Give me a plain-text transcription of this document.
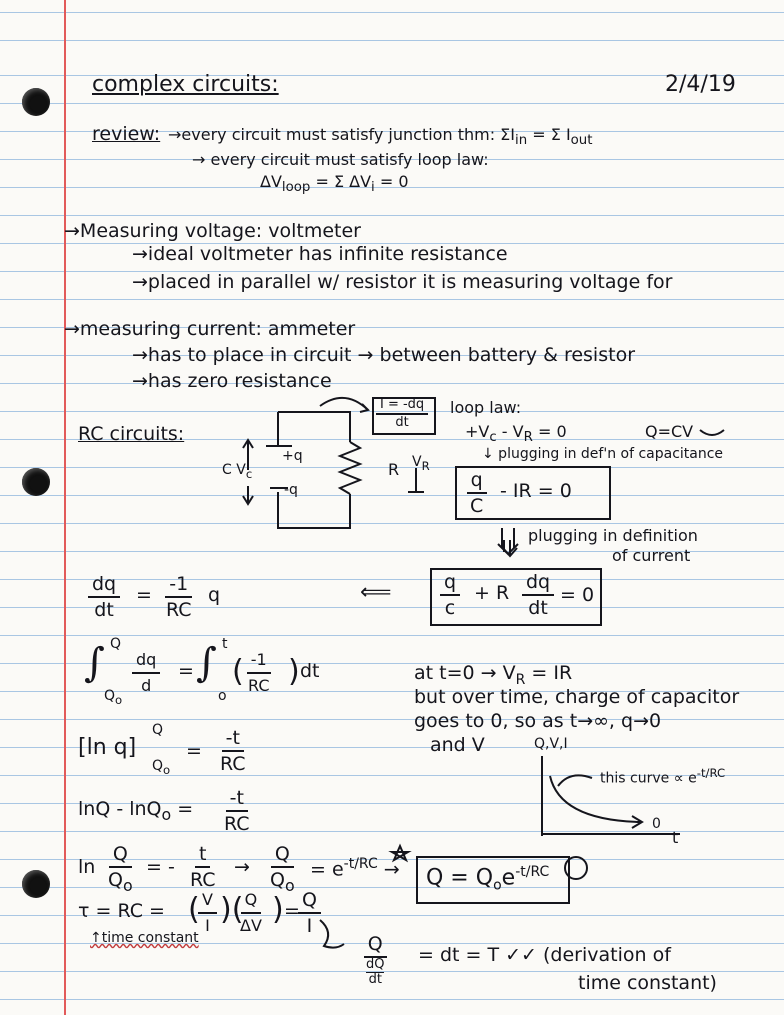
complex circuits:	2/4/19
review: →every circuit must satisfy junction thm: $\Sigma I_{in} = \Sigma$ $I_{out}$
→ every circuit must satisfy loop law:
$\Delta V_{loop} = \Sigma$ $\Delta V_i = 0$
→Measuring voltage: voltmeter
→ideal voltmeter has infinite resistance
→placed in parallel w/ resistor it is measuring voltage for
→measuring current: ammeter
→has to place in circuit → between battery & resistor
→has zero resistance
RC circuits:
C $V_c$
+q
-q
R $V_R$
$\frac{I = -dq}{dt}$ loop law:
$+V_c - V_R = 0$	Q=CV
↓ plugging in def'n of capacitance
$\frac{q}{C}$ - IR = 0
plugging in definition
of current
$\frac{q}{c} + R \frac{dq}{dt} = 0$
⟸
$\frac{dq}{dt} = \frac{-1}{RC}$ q
∫ Q
$Q_o$
$\frac{dq}{d}$ = ∫ t
o
( $\frac{-1}{RC}$ ) dt
[ln q]
Q
$Q_o$
= $\frac{-t}{RC}$
$\ln Q - \ln Q_o = \frac{-t}{RC}$
$\ln \frac{Q}{Q_o}$ = - $\frac{t}{RC} \to \frac{Q}{Q_o} = e^{-t/RC} \to Q = Q_oe^{-t/RC}$
τ = RC = (
$\frac{V}{I}$ )(
$\frac{Q}{\Delta V}$ ) =
$\frac{Q}{I}$
↑time constant	Q
dQ
dt
= dt = T ✓✓ (derivation of
time constant)
at $t=0 \to V_R$ = IR
but over time, charge of capacitor
goes to 0, so as t→∞, q→0
and V	Q,V,I
this curve ∝ $e^{-t/RC}$
t
0
